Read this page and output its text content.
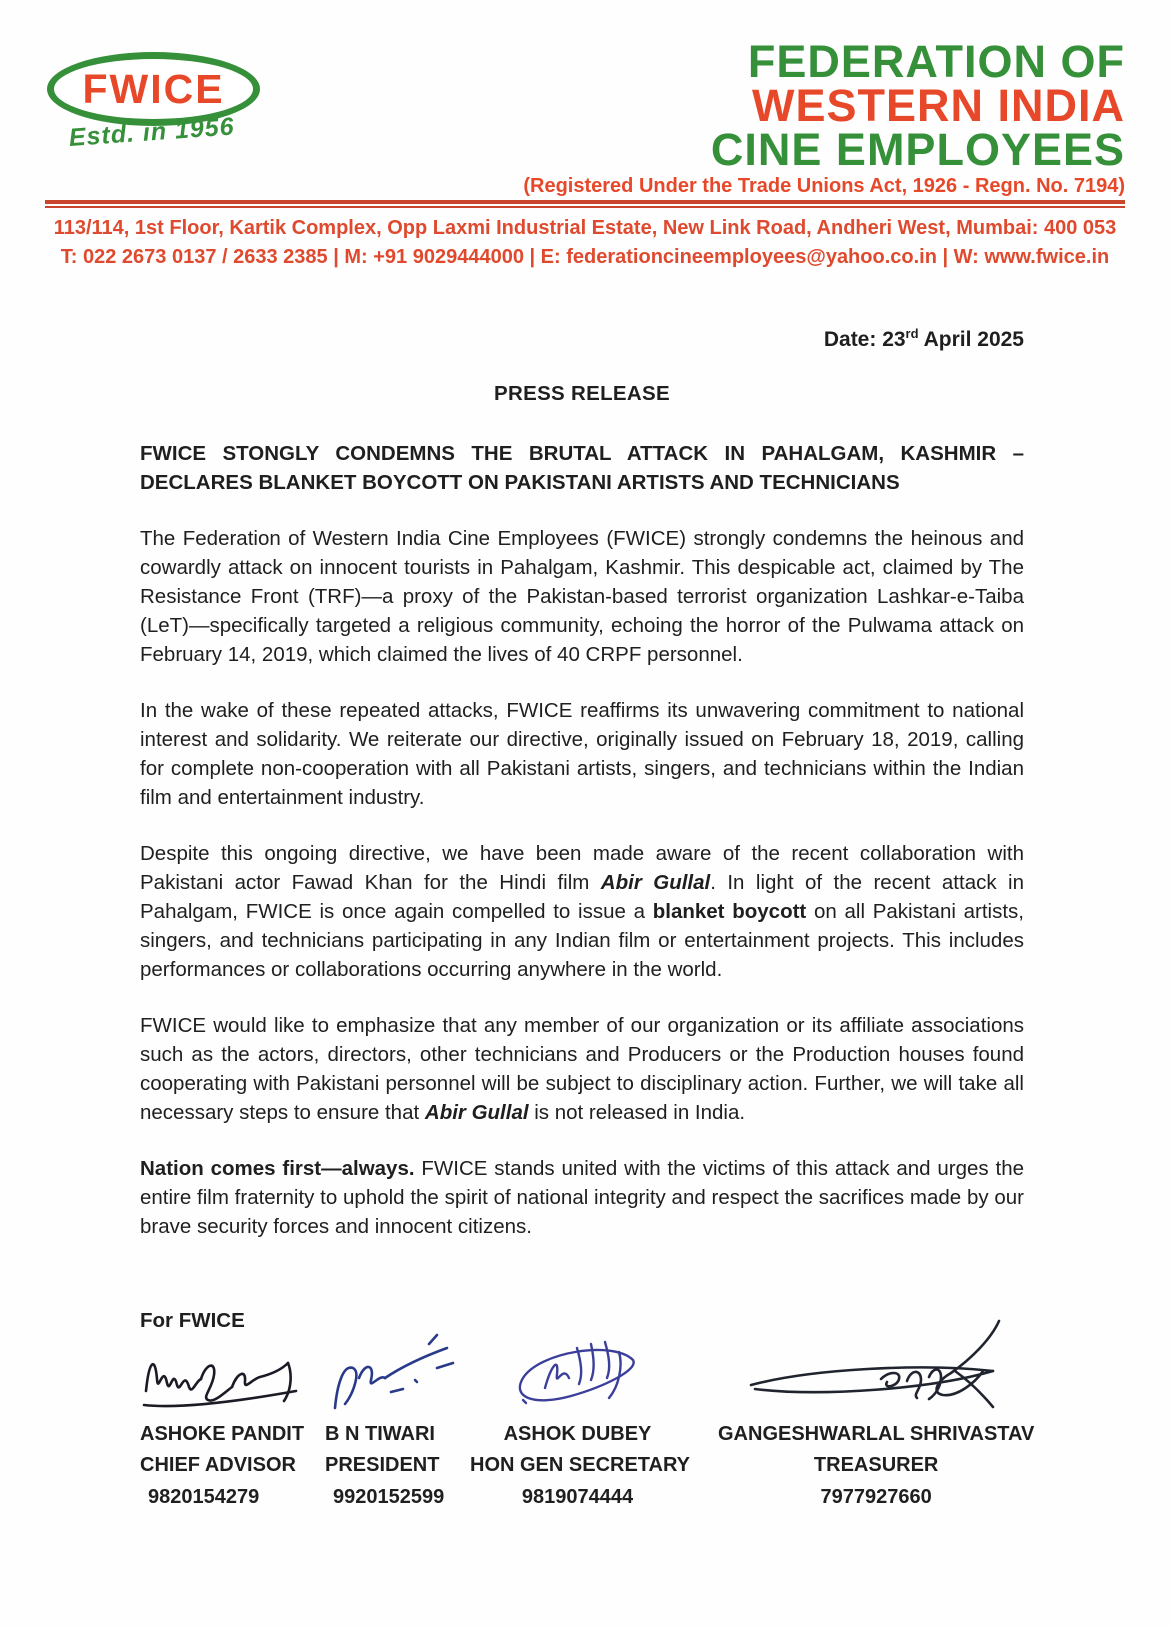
FWICE
Estd. in 1956
FEDERATION OF
WESTERN INDIA
CINE EMPLOYEES
(Registered Under the Trade Unions Act, 1926 - Regn. No. 7194)
113/114, 1st Floor, Kartik Complex, Opp Laxmi Industrial Estate, New Link Road, Andheri West, Mumbai: 400 053
T: 022 2673 0137 / 2633 2385 | M: +91 9029444000 | E: federationcineemployees@yahoo.co.in | W: www.fwice.in
Date: 23rd April 2025
PRESS RELEASE
FWICE STONGLY CONDEMNS THE BRUTAL ATTACK IN PAHALGAM, KASHMIR – DECLARES BLANKET BOYCOTT ON PAKISTANI ARTISTS AND TECHNICIANS

The Federation of Western India Cine Employees (FWICE) strongly condemns the heinous and cowardly attack on innocent tourists in Pahalgam, Kashmir. This despicable act, claimed by The Resistance Front (TRF)—a proxy of the Pakistan-based terrorist organization Lashkar-e-Taiba (LeT)—specifically targeted a religious community, echoing the horror of the Pulwama attack on February 14, 2019, which claimed the lives of 40 CRPF personnel.

In the wake of these repeated attacks, FWICE reaffirms its unwavering commitment to national interest and solidarity. We reiterate our directive, originally issued on February 18, 2019, calling for complete non-cooperation with all Pakistani artists, singers, and technicians within the Indian film and entertainment industry.

Despite this ongoing directive, we have been made aware of the recent collaboration with Pakistani actor Fawad Khan for the Hindi film Abir Gullal. In light of the recent attack in Pahalgam, FWICE is once again compelled to issue a blanket boycott on all Pakistani artists, singers, and technicians participating in any Indian film or entertainment projects. This includes performances or collaborations occurring anywhere in the world.

FWICE would like to emphasize that any member of our organization or its affiliate associations such as the actors, directors, other technicians and Producers or the Production houses found cooperating with Pakistani personnel will be subject to disciplinary action. Further, we will take all necessary steps to ensure that Abir Gullal is not released in India.

Nation comes first—always. FWICE stands united with the victims of this attack and urges the entire film fraternity to uphold the spirit of national integrity and respect the sacrifices made by our brave security forces and innocent citizens.

For FWICE
ASHOKE PANDIT
CHIEF ADVISOR
9820154279
B N TIWARI
PRESIDENT
9920152599
ASHOK DUBEY
HON GEN SECRETARY
9819074444
GANGESHWARLAL SHRIVASTAV
TREASURER
7977927660
